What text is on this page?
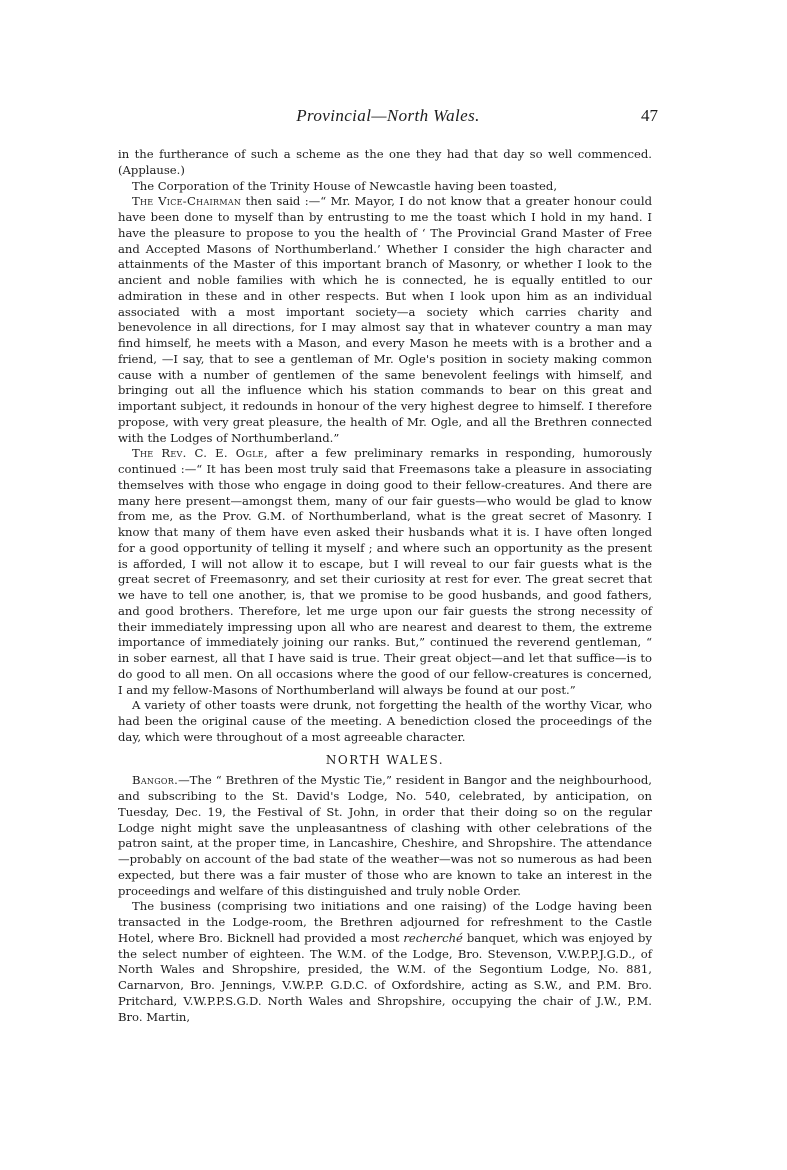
Provincial—North Wales.	47

in the furtherance of such a scheme as the one they had that day so well commenced. (Applause.)

The Corporation of the Trinity House of Newcastle having been toasted,

The Vice-Chairman then said :—“ Mr. Mayor, I do not know that a greater honour could have been done to myself than by entrusting to me the toast which I hold in my hand. I have the pleasure to propose to you the health of ‘ The Provincial Grand Master of Free and Accepted Masons of Northumberland.’ Whether I consider the high character and attainments of the Master of this important branch of Masonry, or whether I look to the ancient and noble families with which he is connected, he is equally entitled to our admiration in these and in other respects. But when I look upon him as an individual associated with a most important society—a society which carries charity and benevolence in all directions, for I may almost say that in whatever country a man may find himself, he meets with a Mason, and every Mason he meets with is a brother and a friend, —I say, that to see a gentleman of Mr. Ogle's position in society making common cause with a number of gentlemen of the same benevolent feelings with himself, and bringing out all the influence which his station commands to bear on this great and important subject, it redounds in honour of the very highest degree to himself. I therefore propose, with very great pleasure, the health of Mr. Ogle, and all the Brethren connected with the Lodges of Northumberland.”

The Rev. C. E. Ogle, after a few preliminary remarks in responding, humorously continued :—“ It has been most truly said that Freemasons take a pleasure in associating themselves with those who engage in doing good to their fellow-creatures. And there are many here present—amongst them, many of our fair guests—who would be glad to know from me, as the Prov. G.M. of Northumberland, what is the great secret of Masonry. I know that many of them have even asked their husbands what it is. I have often longed for a good opportunity of telling it myself ; and where such an opportunity as the present is afforded, I will not allow it to escape, but I will reveal to our fair guests what is the great secret of Freemasonry, and set their curiosity at rest for ever. The great secret that we have to tell one another, is, that we promise to be good husbands, and good fathers, and good brothers. Therefore, let me urge upon our fair guests the strong necessity of their immediately impressing upon all who are nearest and dearest to them, the extreme importance of immediately joining our ranks. But,” continued the reverend gentleman, “ in sober earnest, all that I have said is true. Their great object—and let that suffice—is to do good to all men. On all occasions where the good of our fellow-creatures is concerned, I and my fellow-Masons of Northumberland will always be found at our post.”

A variety of other toasts were drunk, not forgetting the health of the worthy Vicar, who had been the original cause of the meeting. A benediction closed the proceedings of the day, which were throughout of a most agreeable character.

NORTH WALES.

Bangor.—The “ Brethren of the Mystic Tie,” resident in Bangor and the neighbourhood, and subscribing to the St. David's Lodge, No. 540, celebrated, by anticipation, on Tuesday, Dec. 19, the Festival of St. John, in order that their doing so on the regular Lodge night might save the unpleasantness of clashing with other celebrations of the patron saint, at the proper time, in Lancashire, Cheshire, and Shropshire. The attendance—probably on account of the bad state of the weather—was not so numerous as had been expected, but there was a fair muster of those who are known to take an interest in the proceedings and welfare of this distinguished and truly noble Order.

The business (comprising two initiations and one raising) of the Lodge having been transacted in the Lodge-room, the Brethren adjourned for refreshment to the Castle Hotel, where Bro. Bicknell had provided a most recherché banquet, which was enjoyed by the select number of eighteen. The W.M. of the Lodge, Bro. Stevenson, V.W.P.P.J.G.D., of North Wales and Shropshire, presided, the W.M. of the Segontium Lodge, No. 881, Carnarvon, Bro. Jennings, V.W.P.P. G.D.C. of Oxfordshire, acting as S.W., and P.M. Bro. Pritchard, V.W.P.P.S.G.D. North Wales and Shropshire, occupying the chair of J.W., P.M. Bro. Martin,
